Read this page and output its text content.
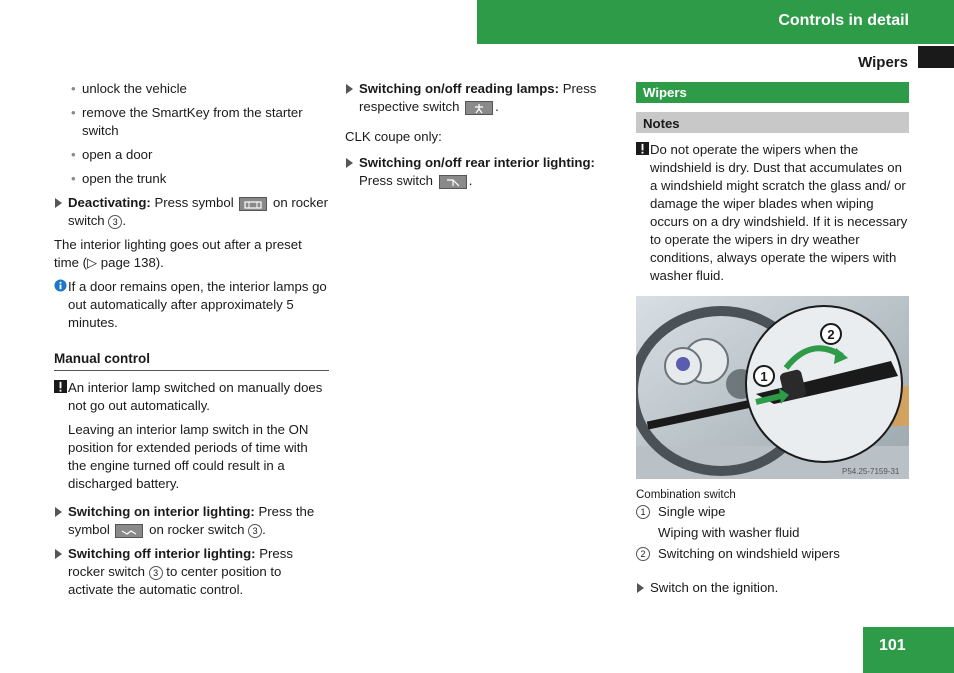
Controls in detail
Wipers
• unlock the vehicle
• remove the SmartKey from the starter switch
• open a door
• open the trunk
Deactivating: Press symbol	on rocker switch 3 .
The interior lighting goes out after a preset time (▷ page 138).
If a door remains open, the interior lamps go out automatically after approximately 5 minutes.
Manual control
An interior lamp switched on manually does not go out automatically.
Leaving an interior lamp switch in the ON position for extended periods of time with the engine turned off could result in a discharged battery.
Switching on interior lighting: Press the symbol	on rocker switch 3 .
Switching off interior lighting: Press rocker switch 3 to center position to activate the automatic control.
Switching on/off reading lamps: Press respective switch	.
CLK coupe only:
Switching on/off rear interior lighting: Press switch	.
Wipers
Notes
Do not operate the wipers when the windshield is dry. Dust that accumulates on a windshield might scratch the glass and/ or damage the wiper blades when wiping occurs on a dry windshield. If it is necessary to operate the wipers in dry weather conditions, always operate the wipers with washer fluid.
2
1
P54.25-7159-31
Combination switch
1 Single wipe
Wiping with washer fluid
2 Switching on windshield wipers
Switch on the ignition.
101
